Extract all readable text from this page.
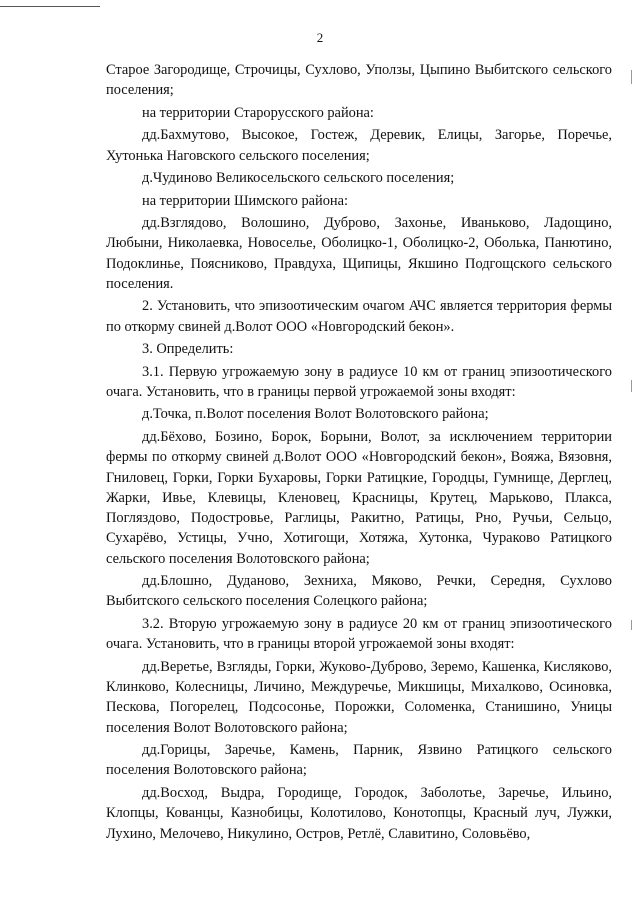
2

Старое Загородище, Строчицы, Сухлово, Уползы, Цыпино Выбитского сельского поселения;

на территории Старорусского района:

дд.Бахмутово, Высокое, Гостеж, Деревик, Елицы, Загорье, Поречье, Хутонька Наговского сельского поселения;

д.Чудиново Великосельского сельского поселения;

на территории Шимского района:

дд.Взглядово, Волошино, Дуброво, Захонье, Иваньково, Ладощино, Любыни, Николаевка, Новоселье, Оболицко-1, Оболицко-2, Оболька, Панютино, Подоклинье, Поясниково, Правдуха, Щипицы, Якшино Подгощского сельского поселения.

2. Установить, что эпизоотическим очагом АЧС является территория фермы по откорму свиней д.Волот ООО «Новгородский бекон».

3. Определить:

3.1. Первую угрожаемую зону в радиусе 10 км от границ эпизоотического очага. Установить, что в границы первой угрожаемой зоны входят:

д.Точка, п.Волот поселения Волот Волотовского района;

дд.Бёхово, Бозино, Борок, Борыни, Волот, за исключением территории фермы по откорму свиней д.Волот ООО «Новгородский бекон», Вояжа, Вязовня, Гниловец, Горки, Горки Бухаровы, Горки Ратицкие, Городцы, Гумнище, Дерглец, Жарки, Ивье, Клевицы, Кленовец, Красницы, Крутец, Марьково, Плакса, Погляздово, Подостровье, Раглицы, Ракитно, Ратицы, Рно, Ручьи, Сельцо, Сухарёво, Устицы, Учно, Хотигощи, Хотяжа, Хутонка, Чураково Ратицкого сельского поселения Волотовского района;

дд.Блошно, Дуданово, Зехниха, Мяково, Речки, Середня, Сухлово Выбитского сельского поселения Солецкого района;

3.2. Вторую угрожаемую зону в радиусе 20 км от границ эпизоотического очага. Установить, что в границы второй угрожаемой зоны входят:

дд.Веретье, Взгляды, Горки, Жуково-Дуброво, Зеремо, Кашенка, Кисляково, Клинково, Колесницы, Личино, Междуречье, Микшицы, Михалково, Осиновка, Пескова, Погорелец, Подсосонье, Порожки, Соломенка, Станишино, Уницы поселения Волот Волотовского района;

дд.Горицы, Заречье, Камень, Парник, Язвино Ратицкого сельского поселения Волотовского района;

дд.Восход, Выдра, Городище, Городок, Заболотье, Заречье, Ильино, Клопцы, Кованцы, Казнобицы, Колотилово, Конотопцы, Красный луч, Лужки, Лухино, Мелочево, Никулино, Остров, Ретлё, Славитино, Соловьёво,
